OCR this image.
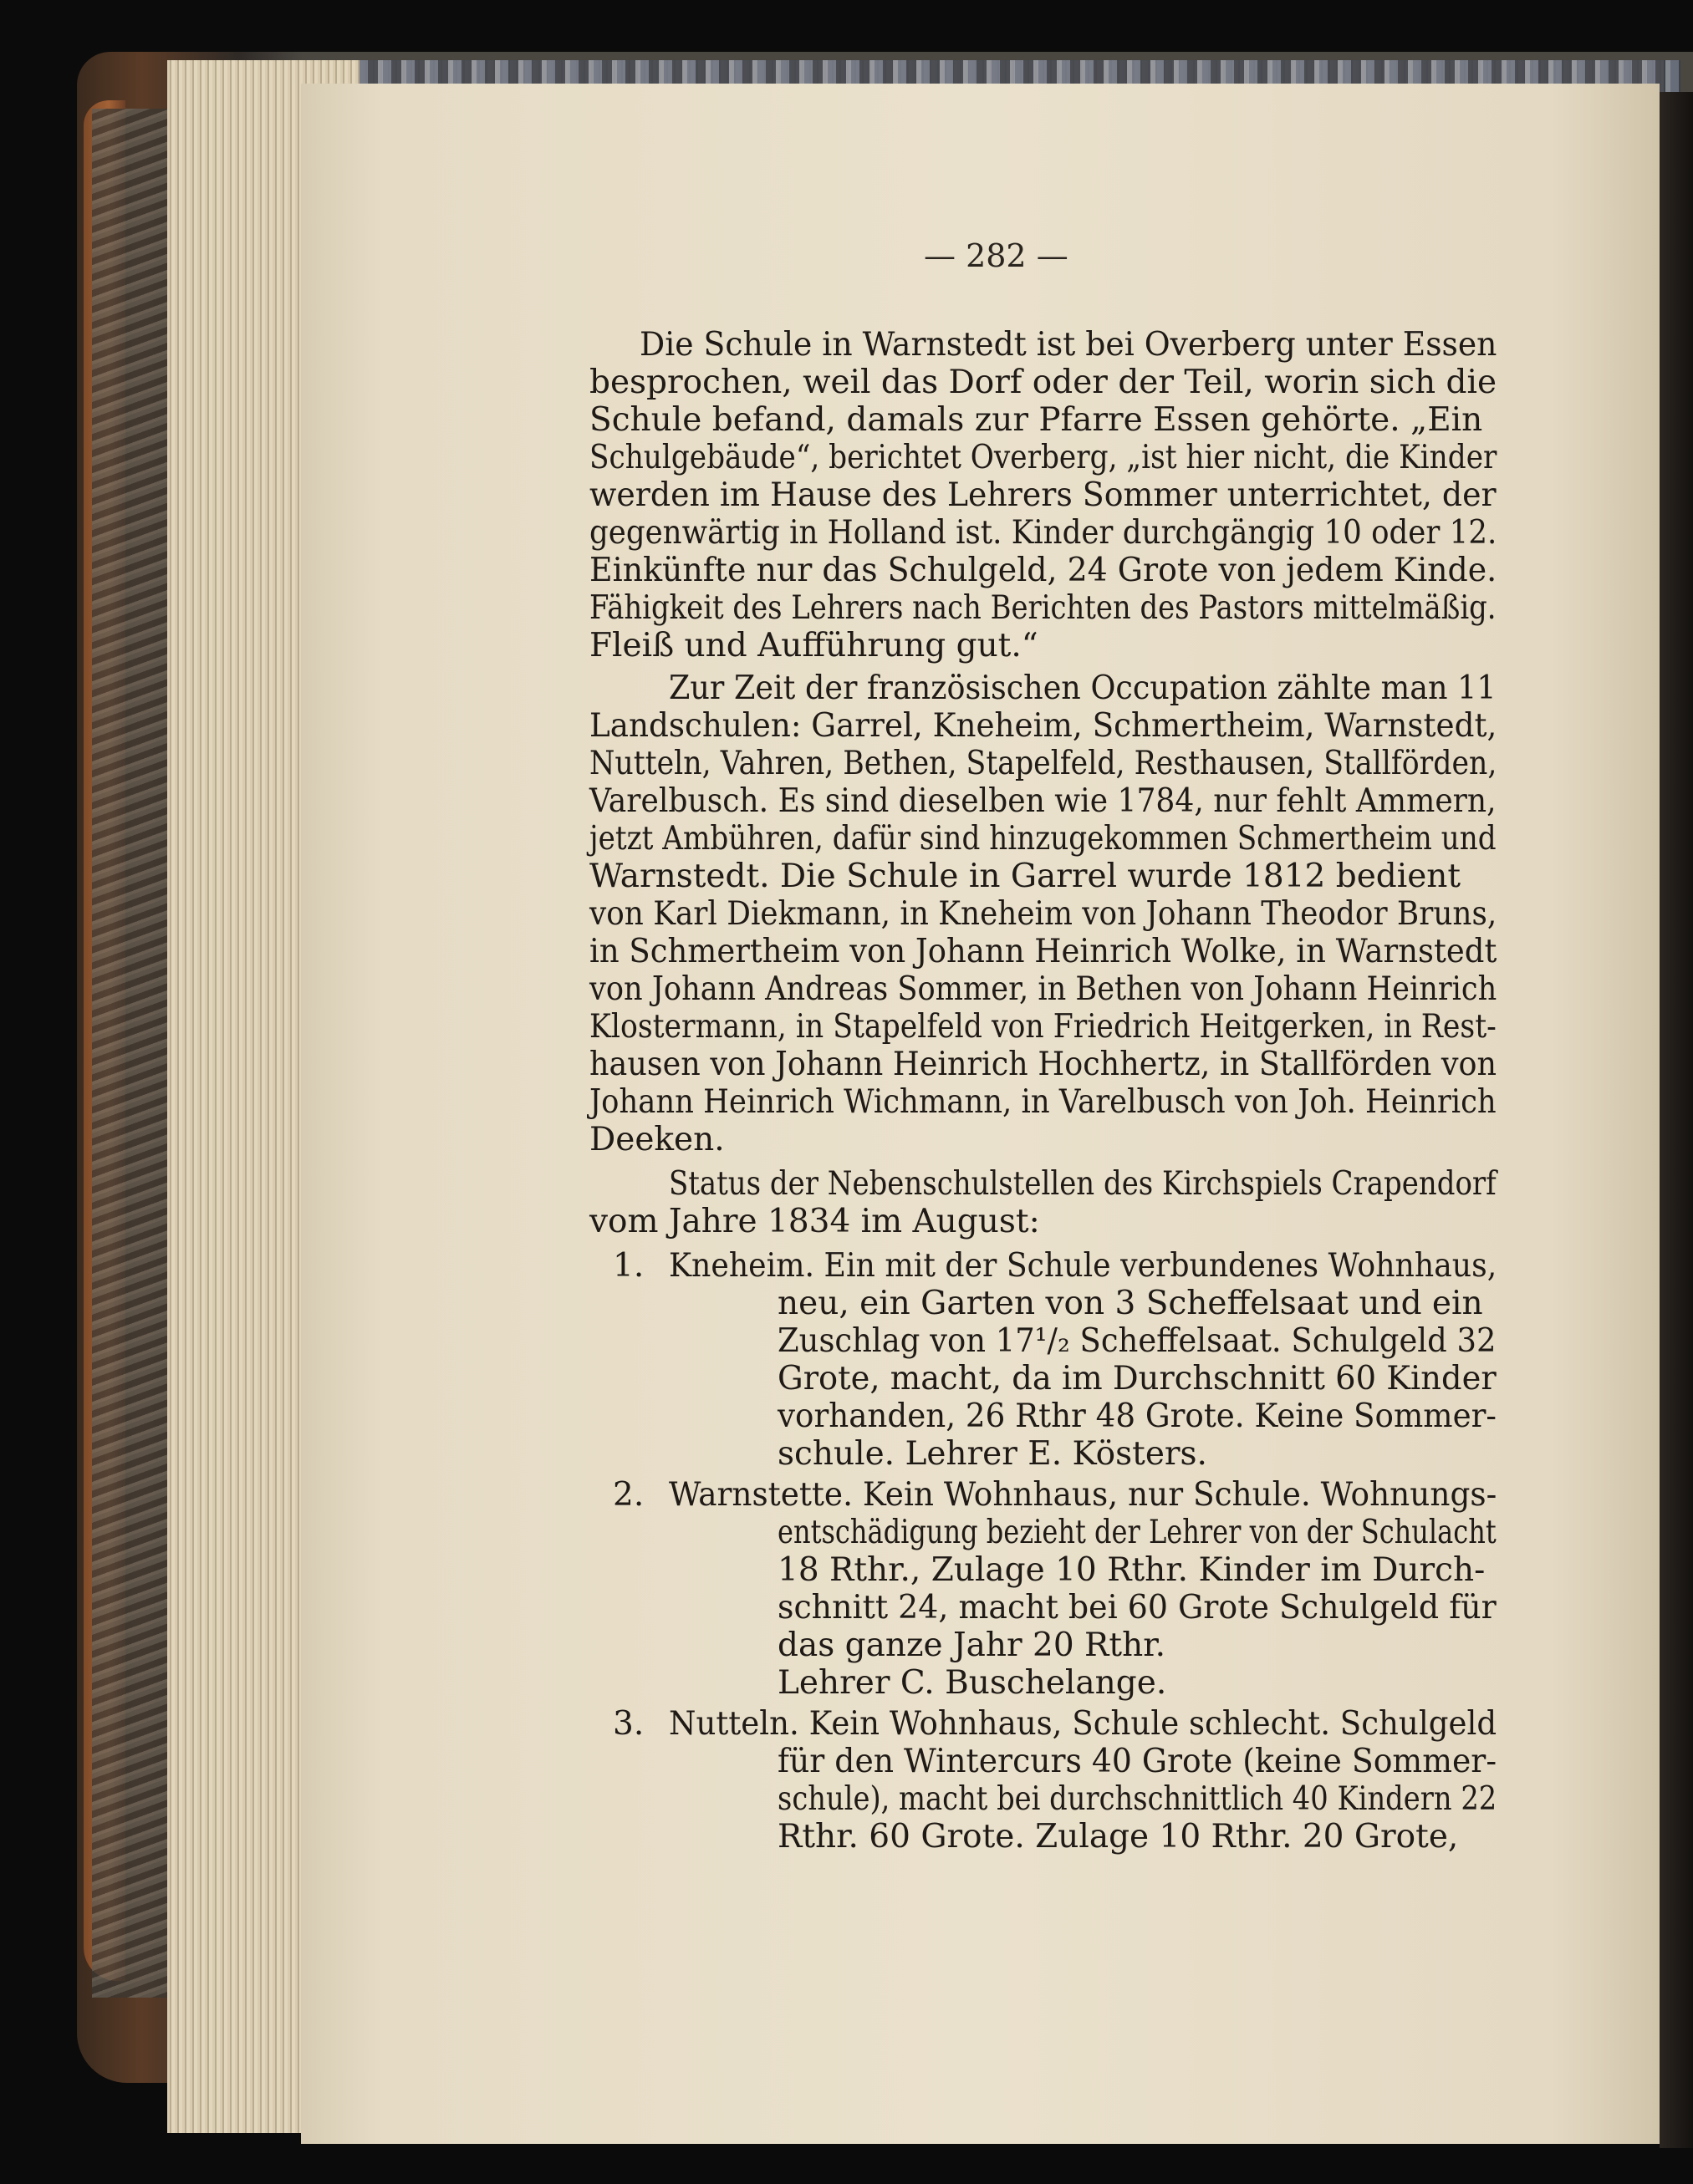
— 282 —
Die Schule in Warnstedt ist bei Overberg unter Essen
besprochen, weil das Dorf oder der Teil, worin sich die
Schule befand, damals zur Pfarre Essen gehörte. „Ein
Schulgebäude“, berichtet Overberg, „ist hier nicht, die Kinder
werden im Hause des Lehrers Sommer unterrichtet, der
gegenwärtig in Holland ist. Kinder durchgängig 10 oder 12.
Einkünfte nur das Schulgeld, 24 Grote von jedem Kinde.
Fähigkeit des Lehrers nach Berichten des Pastors mittelmäßig.
Fleiß und Aufführung gut.“
Zur Zeit der französischen Occupation zählte man 11
Landschulen: Garrel, Kneheim, Schmertheim, Warnstedt,
Nutteln, Vahren, Bethen, Stapelfeld, Resthausen, Stallförden,
Varelbusch. Es sind dieselben wie 1784, nur fehlt Ammern,
jetzt Ambühren, dafür sind hinzugekommen Schmertheim und
Warnstedt. Die Schule in Garrel wurde 1812 bedient
von Karl Diekmann, in Kneheim von Johann Theodor Bruns,
in Schmertheim von Johann Heinrich Wolke, in Warnstedt
von Johann Andreas Sommer, in Bethen von Johann Heinrich
Klostermann, in Stapelfeld von Friedrich Heitgerken, in Rest-
hausen von Johann Heinrich Hochhertz, in Stallförden von
Johann Heinrich Wichmann, in Varelbusch von Joh. Heinrich
Deeken.
Status der Nebenschulstellen des Kirchspiels Crapendorf
vom Jahre 1834 im August:
1. Kneheim. Ein mit der Schule verbundenes Wohnhaus,
neu, ein Garten von 3 Scheffelsaat und ein
Zuschlag von 17¹/₂ Scheffelsaat. Schulgeld 32
Grote, macht, da im Durchschnitt 60 Kinder
vorhanden, 26 Rthr 48 Grote. Keine Sommer-
schule. Lehrer E. Kösters.
2. Warnstette. Kein Wohnhaus, nur Schule. Wohnungs-
entschädigung bezieht der Lehrer von der Schulacht
18 Rthr., Zulage 10 Rthr. Kinder im Durch-
schnitt 24, macht bei 60 Grote Schulgeld für
das ganze Jahr 20 Rthr.
Lehrer C. Buschelange.
3. Nutteln. Kein Wohnhaus, Schule schlecht. Schulgeld
für den Wintercurs 40 Grote (keine Sommer-
schule), macht bei durchschnittlich 40 Kindern 22
Rthr. 60 Grote. Zulage 10 Rthr. 20 Grote,
